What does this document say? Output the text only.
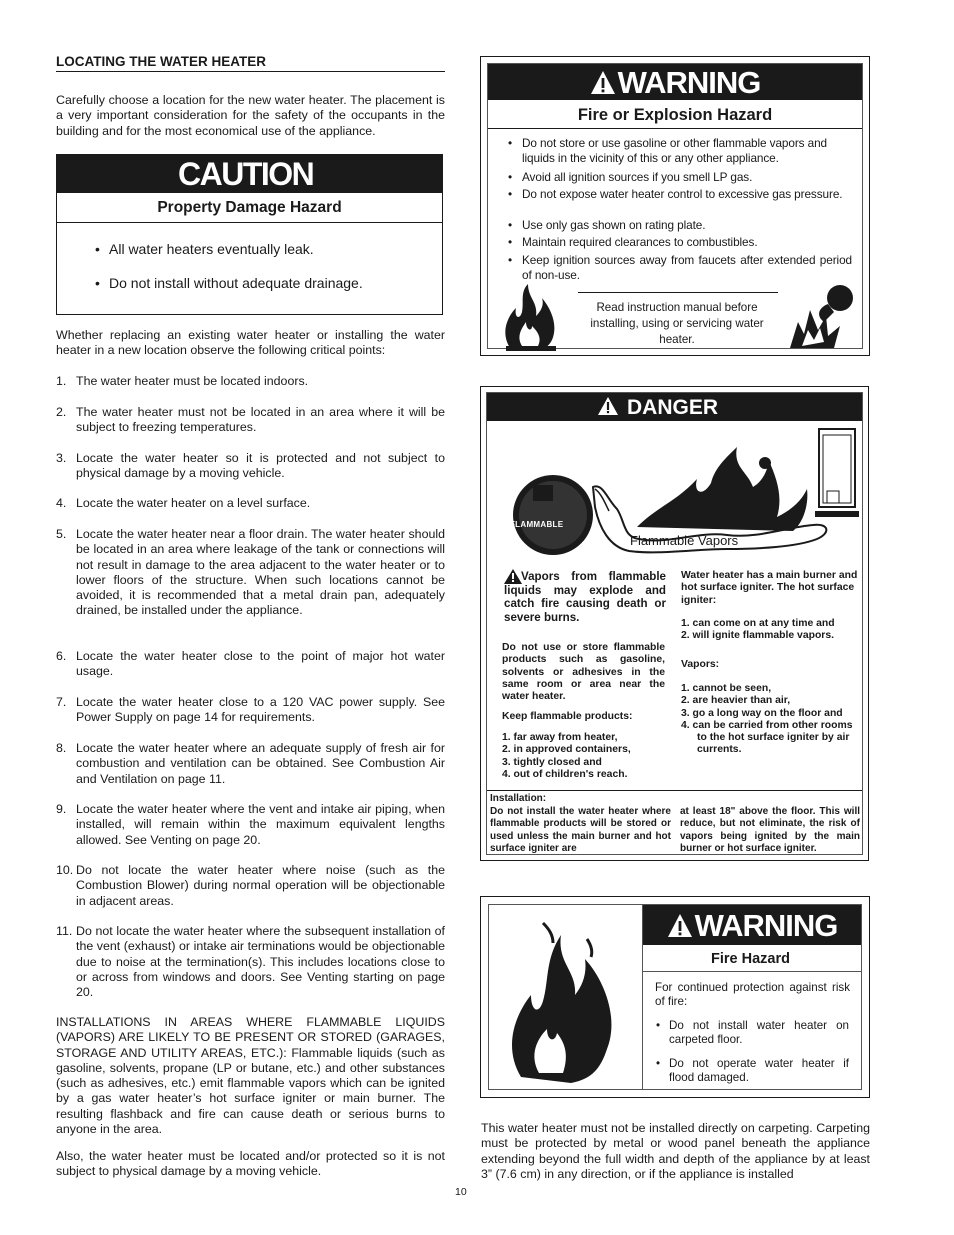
LOCATING THE WATER HEATER
Carefully choose a location for the new water heater. The placement is a very important consideration for the safety of the occupants in the building and for the most economical use of the appliance.
CAUTION
Property Damage Hazard
• All water heaters eventually leak.
• Do not install without adequate drainage.
Whether replacing an existing water heater or installing the water heater in a new location observe the following critical points:
1. The water heater must be located indoors.
2. The water heater must not be located in an area where it will be subject to freezing temperatures.
3. Locate the water heater so it is protected and not subject to physical damage by a moving vehicle.
4. Locate the water heater on a level surface.
5. Locate the water heater near a floor drain. The water heater should be located in an area where leakage of the tank or connections will not result in damage to the area adjacent to the water heater or to lower floors of the structure. When such locations cannot be avoided, it is recommended that a metal drain pan, adequately drained, be installed under the appliance.
6. Locate the water heater close to the point of major hot water usage.
7. Locate the water heater close to a 120 VAC power supply. See Power Supply on page 14 for requirements.
8. Locate the water heater where an adequate supply of fresh air for combustion and ventilation can be obtained. See Combustion Air and Ventilation on page 11.
9. Locate the water heater where the vent and intake air piping, when installed, will remain within the maximum equivalent lengths allowed. See Venting on page 20.
10. Do not locate the water heater where noise (such as the Combustion Blower) during normal operation will be objectionable in adjacent areas.
11. Do not locate the water heater where the subsequent installation of the vent (exhaust) or intake air terminations would be objectionable due to noise at the termination(s). This includes locations close to or across from windows and doors. See Venting starting on page 20.
INSTALLATIONS IN AREAS WHERE FLAMMABLE LIQUIDS (VAPORS) ARE LIKELY TO BE PRESENT OR STORED (GARAGES, STORAGE AND UTILITY AREAS, ETC.): Flammable liquids (such as gasoline, solvents, propane (LP or butane, etc.) and other substances (such as adhesives, etc.) emit flammable vapors which can be ignited by a gas water heater’s hot surface igniter or main burner. The resulting flashback and fire can cause death or serious burns to anyone in the area.
Also, the water heater must be located and/or protected so it is not subject to physical damage by a moving vehicle.
WARNING
Fire or Explosion Hazard
• Do not store or use gasoline or other flammable vapors and liquids in the vicinity of this or any other appliance.
• Avoid all ignition sources if you smell LP gas.
• Do not expose water heater control to excessive gas pressure.
• Use only gas shown on rating plate.
• Maintain required clearances to combustibles.
• Keep ignition sources away from faucets after extended period of non-use.
Read instruction manual before installing, using or servicing water heater.
DANGER
FLAMMABLE
Flammable Vapors
Vapors from flammable liquids may explode and catch fire causing death or severe burns.
Do not use or store flammable products such as gasoline, solvents or adhesives in the same room or area near the water heater.
Keep flammable products:
1. far away from heater,
2. in approved containers,
3. tightly closed and
4. out of children's reach.
Water heater has a main burner and hot surface igniter. The hot surface igniter:
1. can come on at any time and
2. will ignite flammable vapors.
Vapors:
1. cannot be seen,
2. are heavier than air,
3. go a long way on the floor and
4. can be carried from other rooms to the hot surface igniter by air currents.
Installation:
Do not install the water heater where flammable products will be stored or used unless the main burner and hot surface igniter are
at least 18" above the floor. This will reduce, but not eliminate, the risk of vapors being ignited by the main burner or hot surface igniter.
WARNING
Fire Hazard
For continued protection against risk of fire:
• Do not install water heater on carpeted floor.
• Do not operate water heater if flood damaged.
This water heater must not be installed directly on carpeting. Carpeting must be protected by metal or wood panel beneath the appliance extending beyond the full width and depth of the appliance by at least 3” (7.6 cm) in any direction, or if the appliance is installed
10
